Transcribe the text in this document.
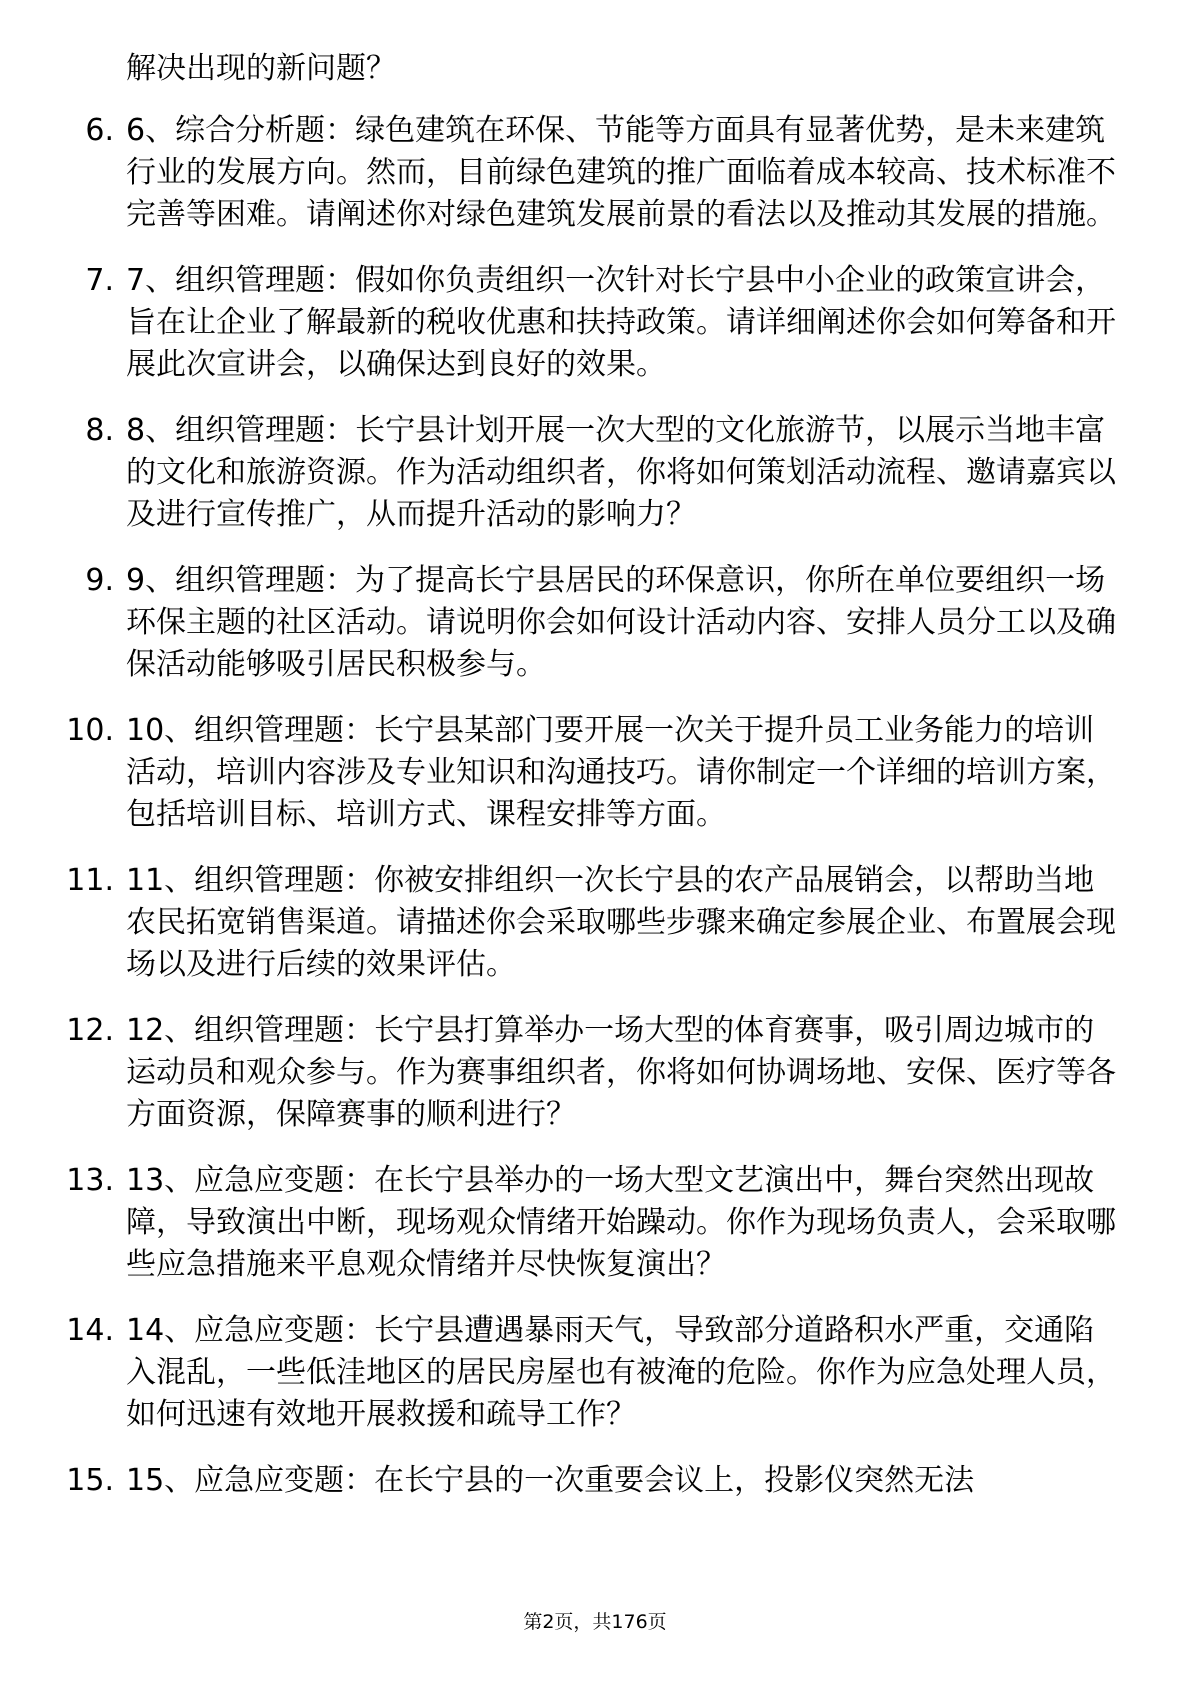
解决出现的新问题？
6. 6、综合分析题：绿色建筑在环保、节能等方面具有显著优势，是未来建筑行业的发展方向。然而，目前绿色建筑的推广面临着成本较高、技术标准不完善等困难。请阐述你对绿色建筑发展前景的看法以及推动其发展的措施。
7. 7、组织管理题：假如你负责组织一次针对长宁县中小企业的政策宣讲会，旨在让企业了解最新的税收优惠和扶持政策。请详细阐述你会如何筹备和开展此次宣讲会，以确保达到良好的效果。
8. 8、组织管理题：长宁县计划开展一次大型的文化旅游节，以展示当地丰富的文化和旅游资源。作为活动组织者，你将如何策划活动流程、邀请嘉宾以及进行宣传推广，从而提升活动的影响力？
9. 9、组织管理题：为了提高长宁县居民的环保意识，你所在单位要组织一场环保主题的社区活动。请说明你会如何设计活动内容、安排人员分工以及确保活动能够吸引居民积极参与。
10. 10、组织管理题：长宁县某部门要开展一次关于提升员工业务能力的培训活动，培训内容涉及专业知识和沟通技巧。请你制定一个详细的培训方案，包括培训目标、培训方式、课程安排等方面。
11. 11、组织管理题：你被安排组织一次长宁县的农产品展销会，以帮助当地农民拓宽销售渠道。请描述你会采取哪些步骤来确定参展企业、布置展会现场以及进行后续的效果评估。
12. 12、组织管理题：长宁县打算举办一场大型的体育赛事，吸引周边城市的运动员和观众参与。作为赛事组织者，你将如何协调场地、安保、医疗等各方面资源，保障赛事的顺利进行？
13. 13、应急应变题：在长宁县举办的一场大型文艺演出中，舞台突然出现故障，导致演出中断，现场观众情绪开始躁动。你作为现场负责人，会采取哪些应急措施来平息观众情绪并尽快恢复演出？
14. 14、应急应变题：长宁县遭遇暴雨天气，导致部分道路积水严重，交通陷入混乱，一些低洼地区的居民房屋也有被淹的危险。你作为应急处理人员，如何迅速有效地开展救援和疏导工作？
15. 15、应急应变题：在长宁县的一次重要会议上，投影仪突然无法
第2页，共176页
